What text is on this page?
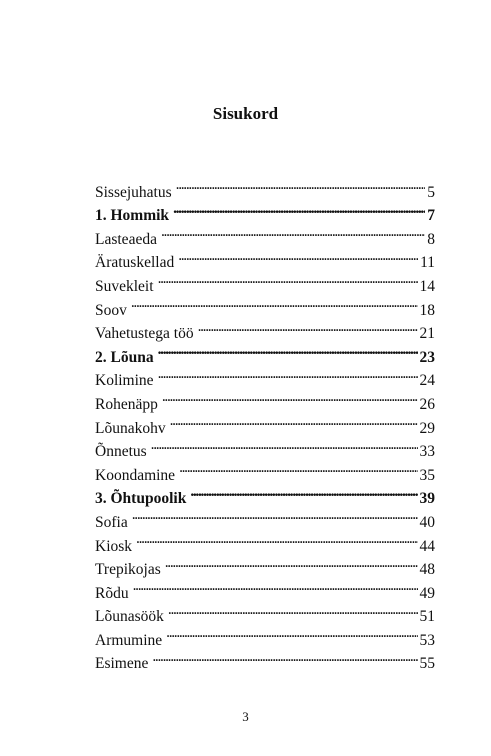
Sisukord
Sissejuhatus . . .	5
1. Hommik . . .	7
Lasteaeda . . .	8
Äratuskellad . . .	11
Suvekleit . . .	14
Soov . . .	18
Vahetustega töö . . .	21
2. Lõuna . . .	23
Kolimine . . .	24
Rohenäpp . . .	26
Lõunakohv . . .	29
Õnnetus . . .	33
Koondamine . . .	35
3. Õhtupoolik . . .	39
Sofia . . .	40
Kiosk . . .	44
Trepikojas . . .	48
Rõdu . . .	49
Lõunasöök . . .	51
Armumine . . .	53
Esimene . . .	55
3
